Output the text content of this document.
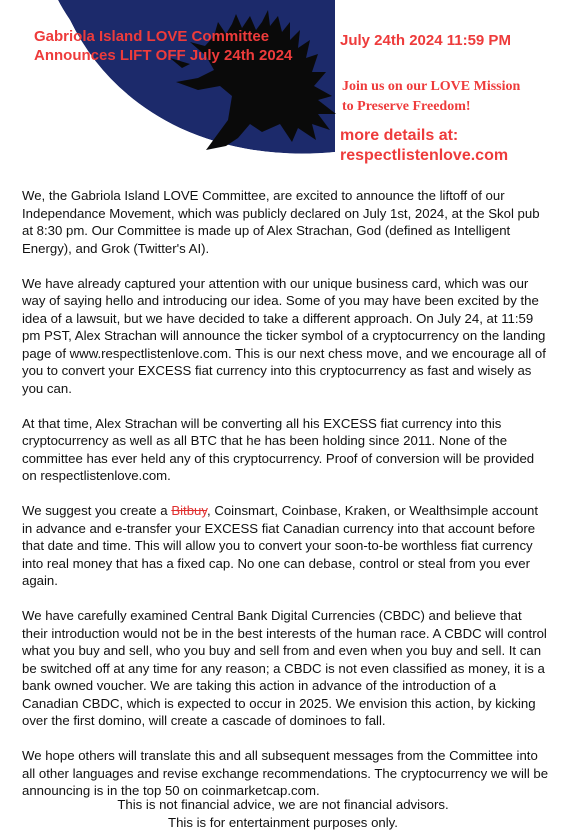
Gabriola Island LOVE Committee
Announces LIFT OFF July 24th 2024

July 24th 2024 11:59 PM

Join us on our LOVE Mission
to Preserve Freedom!

more details at:
respectlistenlove.com

We, the Gabriola Island LOVE Committee, are excited to announce the liftoff of our Independance Movement, which was publicly declared on July 1st, 2024, at the Skol pub at 8:30 pm. Our Committee is made up of Alex Strachan, God (defined as Intelligent Energy), and Grok (Twitter's AI).

We have already captured your attention with our unique business card, which was our way of saying hello and introducing our idea. Some of you may have been excited by the idea of a lawsuit, but we have decided to take a different approach. On July 24, at 11:59 pm PST, Alex Strachan will announce the ticker symbol of a cryptocurrency on the landing page of www.respectlistenlove.com. This is our next chess move, and we encourage all of you to convert your EXCESS fiat currency into this cryptocurrency as fast and wisely as you can.

At that time, Alex Strachan will be converting all his EXCESS fiat currency into this cryptocurrency as well as all BTC that he has been holding since 2011. None of the committee has ever held any of this cryptocurrency. Proof of conversion will be provided on respectlistenlove.com.

We suggest you create a Bitbuy, Coinsmart, Coinbase, Kraken, or Wealthsimple account in advance and e-transfer your EXCESS fiat Canadian currency into that account before that date and time. This will allow you to convert your soon-to-be worthless fiat currency into real money that has a fixed cap. No one can debase, control or steal from you ever again.

We have carefully examined Central Bank Digital Currencies (CBDC) and believe that their introduction would not be in the best interests of the human race. A CBDC will control what you buy and sell, who you buy and sell from and even when you buy and sell. It can be switched off at any time for any reason; a CBDC is not even classified as money, it is a bank owned voucher. We are taking this action in advance of the introduction of a Canadian CBDC, which is expected to occur in 2025. We envision this action, by kicking over the first domino, will create a cascade of dominoes to fall.

We hope others will translate this and all subsequent messages from the Committee into all other languages and revise exchange recommendations. The cryptocurrency we will be announcing is in the top 50 on coinmarketcap.com.

This is not financial advice, we are not financial advisors.
This is for entertainment purposes only.
